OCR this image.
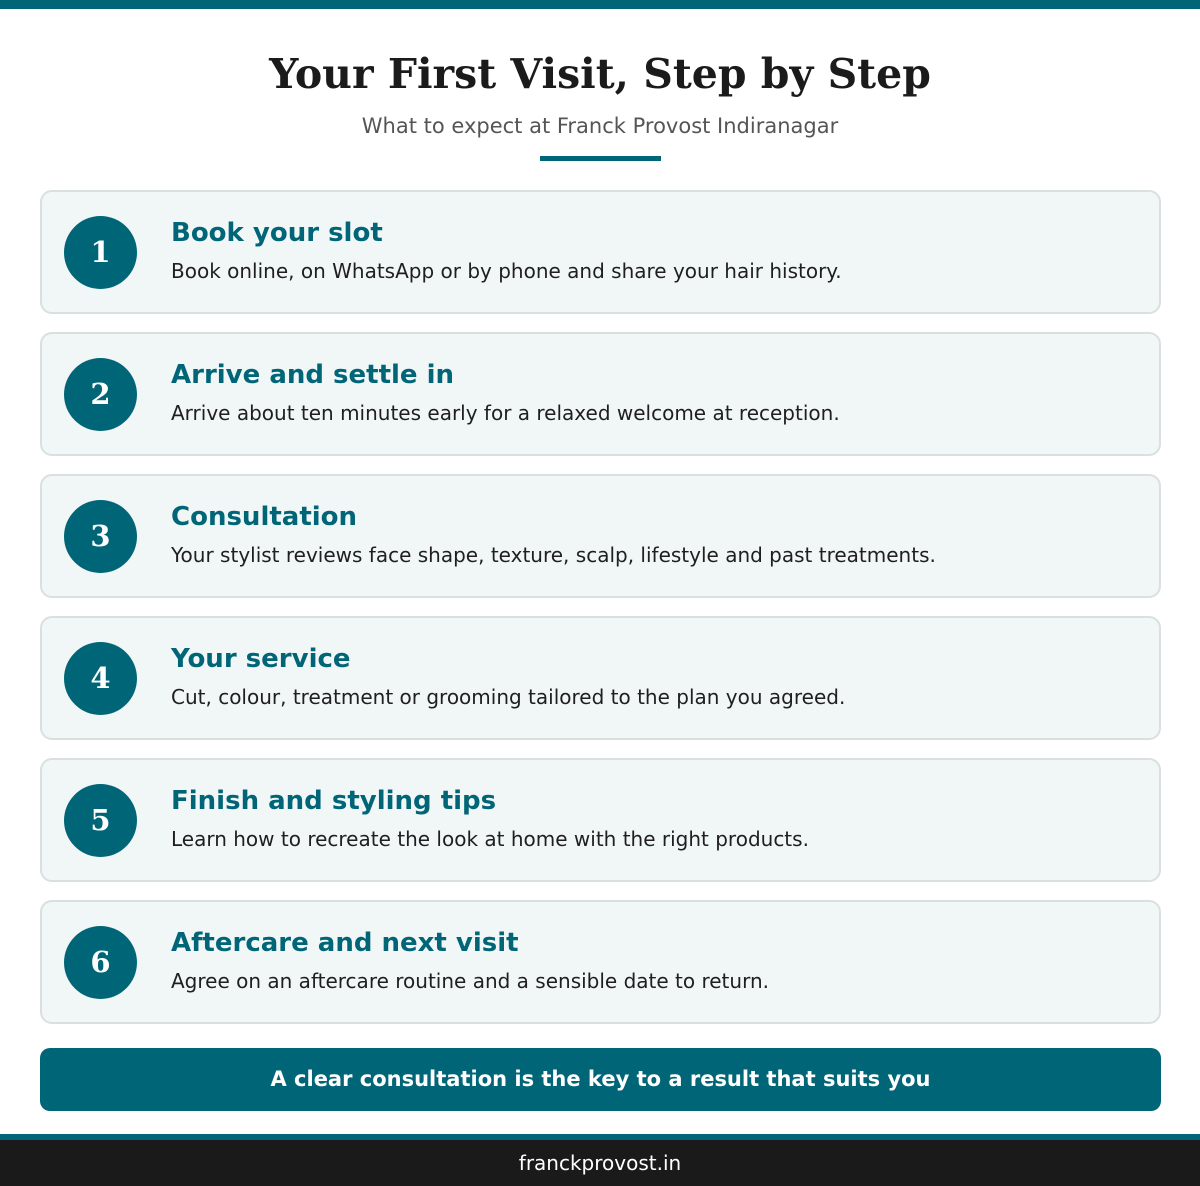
Your First Visit, Step by Step
What to expect at Franck Provost Indiranagar
1
Book your slot
Book online, on WhatsApp or by phone and share your hair history.
2
Arrive and settle in
Arrive about ten minutes early for a relaxed welcome at reception.
3
Consultation
Your stylist reviews face shape, texture, scalp, lifestyle and past treatments.
4
Your service
Cut, colour, treatment or grooming tailored to the plan you agreed.
5
Finish and styling tips
Learn how to recreate the look at home with the right products.
6
Aftercare and next visit
Agree on an aftercare routine and a sensible date to return.
A clear consultation is the key to a result that suits you
franckprovost.in
